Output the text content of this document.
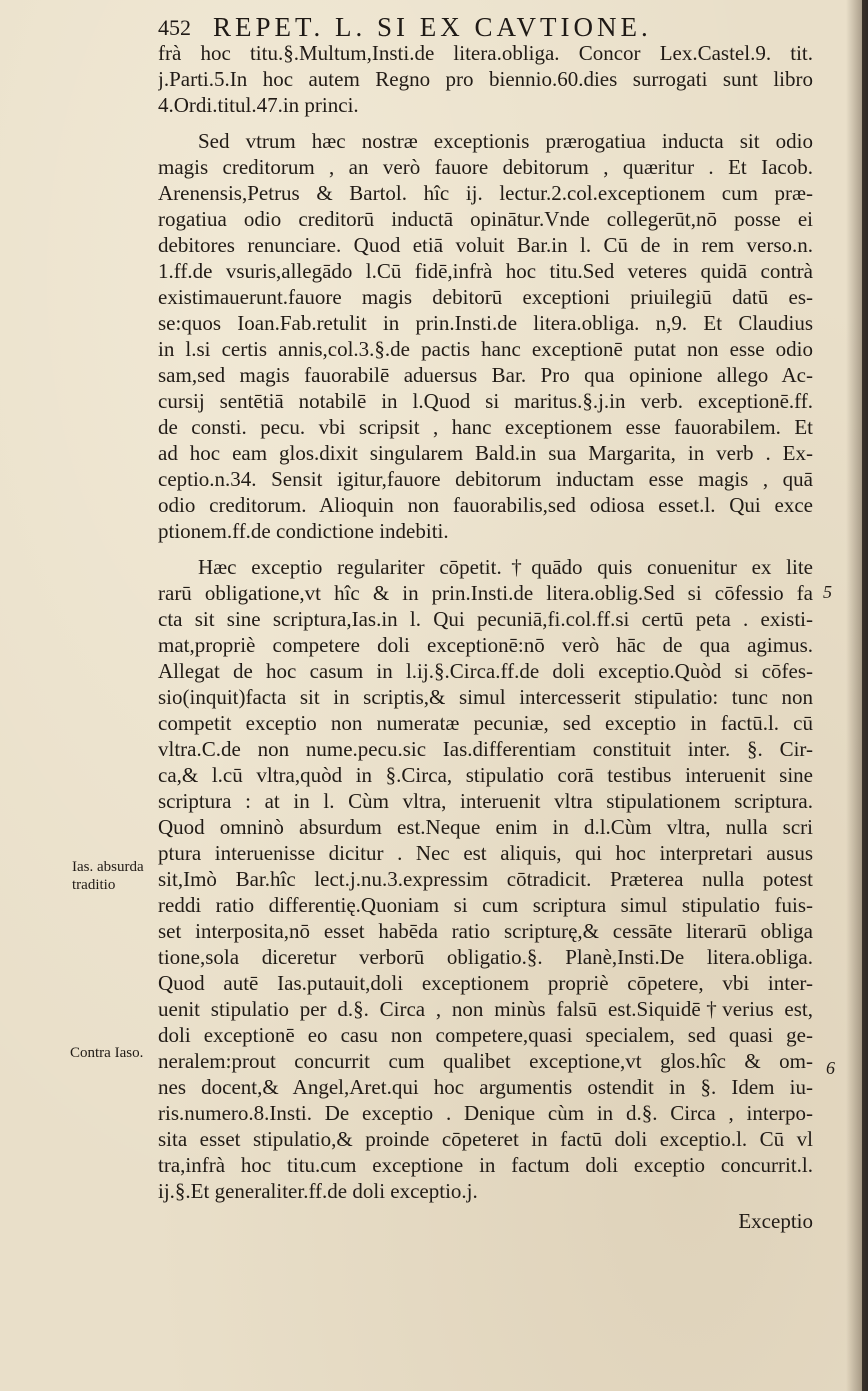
452 REPET. L. SI EX CAVTIONE.
frà hoc titu.§.Multum,Insti.de litera.obliga. Concor Lex.Castel.9. tit.
j.Parti.5.In hoc autem Regno pro biennio.60.dies surrogati sunt libro
4.Ordi.titul.47.in princi.
Sed vtrum hæc nostræ exceptionis prærogatiua inducta sit odio
magis creditorum , an verò fauore debitorum , quæritur . Et Iacob.
Arenensis,Petrus & Bartol. hîc ij. lectur.2.col.exceptionem cum præ-
rogatiua odio creditorū inductā opinātur.Vnde collegerūt,nō posse ei
debitores renunciare. Quod etiā voluit Bar.in l. Cū de in rem verso.n.
1.ff.de vsuris,allegādo l.Cū fidē,infrà hoc titu.Sed veteres quidā contrà
existimauerunt.fauore magis debitorū exceptioni priuilegiū datū es-
se:quos Ioan.Fab.retulit in prin.Insti.de litera.obliga. n,9. Et Claudius
in l.si certis annis,col.3.§.de pactis hanc exceptionē putat non esse odio
sam,sed magis fauorabilē aduersus Bar. Pro qua opinione allego Ac-
cursij sentētiā notabilē in l.Quod si maritus.§.j.in verb. exceptionē.ff.
de consti. pecu. vbi scripsit , hanc exceptionem esse fauorabilem. Et
ad hoc eam glos.dixit singularem Bald.in sua Margarita, in verb . Ex-
ceptio.n.34. Sensit igitur,fauore debitorum inductam esse magis , quā
odio creditorum. Alioquin non fauorabilis,sed odiosa esset.l. Qui exce
ptionem.ff.de condictione indebiti.
Hæc exceptio regulariter cōpetit.†quādo quis conuenitur ex lite
rarū obligatione,vt hîc & in prin.Insti.de litera.oblig.Sed si cōfessio fa
cta sit sine scriptura,Ias.in l. Qui pecuniā,fi.col.ff.si certū peta . existi-
mat,propriè competere doli exceptionē:nō verò hāc de qua agimus.
Allegat de hoc casum in l.ij.§.Circa.ff.de doli exceptio.Quòd si cōfes-
sio(inquit)facta sit in scriptis,& simul intercesserit stipulatio: tunc non
competit exceptio non numeratæ pecuniæ, sed exceptio in factū.l. cū
vltra.C.de non nume.pecu.sic Ias.differentiam constituit inter. §. Cir-
ca,& l.cū vltra,quòd in §.Circa, stipulatio corā testibus interuenit sine
scriptura : at in l. Cùm vltra, interuenit vltra stipulationem scriptura.
Quod omninò absurdum est.Neque enim in d.l.Cùm vltra, nulla scri
ptura interuenisse dicitur . Nec est aliquis, qui hoc interpretari ausus
sit,Imò Bar.hîc lect.j.nu.3.expressim cōtradicit. Præterea nulla potest
reddi ratio differentię.Quoniam si cum scriptura simul stipulatio fuis-
set interposita,nō esset habēda ratio scripturę,& cessāte literarū obliga
tione,sola diceretur verborū obligatio.§. Planè,Insti.De litera.obliga.
Quod autē Ias.putauit,doli exceptionem propriè cōpetere, vbi inter-
uenit stipulatio per d.§. Circa , non minùs falsū est.Siquidē†verius est,
doli exceptionē eo casu non competere,quasi specialem, sed quasi ge-
neralem:prout concurrit cum qualibet exceptione,vt glos.hîc & om-
nes docent,& Angel,Aret.qui hoc argumentis ostendit in §. Idem iu-
ris.numero.8.Insti. De exceptio . Denique cùm in d.§. Circa , interpo-
sita esset stipulatio,& proinde cōpeteret in factū doli exceptio.l. Cū vl
tra,infrà hoc titu.cum exceptione in factum doli exceptio concurrit.l.
ij.§.Et generaliter.ff.de doli exceptio.j.
Exceptio
Ias. absurda
traditio
Contra Iaso.
5
6
